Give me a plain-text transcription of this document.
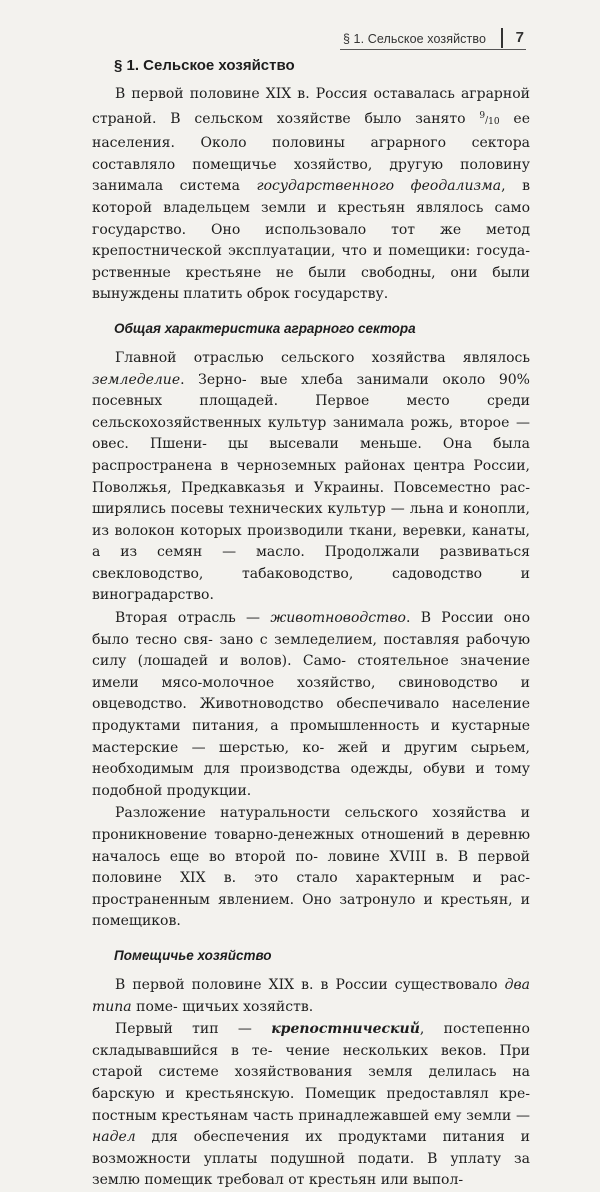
§ 1. Сельское хозяйство 7
§ 1. Сельское хозяйство

В первой половине XIX в. Россия оставалась аграрной страной. В сельском хозяйстве было занято $^9/_{10}$ ее населения. Около половины аграрного сектора составляло помещичье хозяйство, другую половину занимала система государственного феодализма, в которой владельцем земли и крестьян являлось само государство. Оно использовало тот же метод крепостнической эксплуатации, что и помещики: госуда- рственные крестьяне не были свободны, они были вынуждены платить оброк государству.

Общая характеристика аграрного сектора

Главной отраслью сельского хозяйства являлось земледелие. Зерно- вые хлеба занимали около 90% посевных площадей. Первое место среди сельскохозяйственных культур занимала рожь, второе — овес. Пшени- цы высевали меньше. Она была распространена в черноземных районах центра России, Поволжья, Предкавказья и Украины. Повсеместно рас- ширялись посевы технических культур — льна и конопли, из волокон которых производили ткани, веревки, канаты, а из семян — масло. Продолжали развиваться свекловодство, табаководство, садоводство	и виноградарство.

Вторая отрасль — животноводство. В России оно было тесно свя- зано с земледелием, поставляя рабочую силу (лошадей и волов). Само- стоятельное значение имели мясо-молочное хозяйство, свиноводство и овцеводство. Животноводство обеспечивало население продуктами питания, а промышленность и кустарные мастерские — шерстью, ко- жей и другим сырьем, необходимым для производства одежды, обуви и тому подобной продукции.

Разложение натуральности сельского хозяйства и проникновение товарно-денежных отношений в деревню началось еще во второй по- ловине XVIII в. В первой половине XIX в. это стало характерным и рас- пространенным явлением. Оно затронуло и крестьян, и помещиков.

Помещичье хозяйство

В первой половине XIX в. в России существовало два типа поме- щичьих хозяйств.

Первый тип — крепостнический, постепенно складывавшийся в те- чение нескольких веков. При старой системе хозяйствования земля делилась на барскую и крестьянскую. Помещик предоставлял кре- постным крестьянам часть принадлежавшей ему земли — надел для обеспечения их продуктами питания и возможности уплаты подушной подати. В уплату за землю помещик требовал от крестьян или выпол-
